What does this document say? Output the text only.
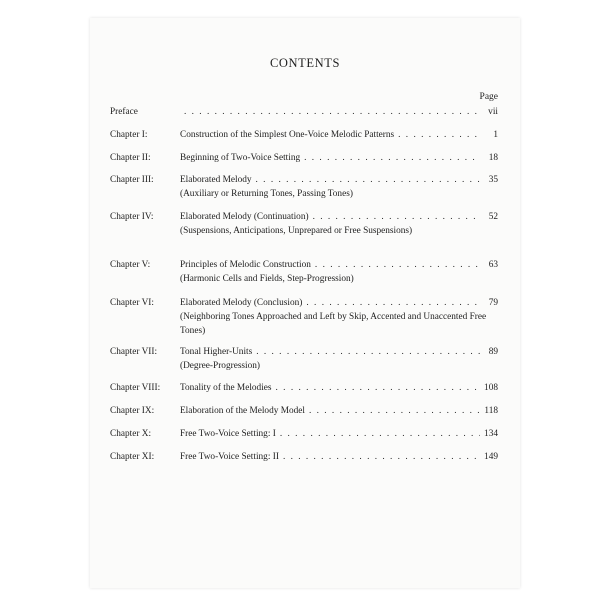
CONTENTS
Page
Preface . . .	vii
Chapter I:	Construction of the Simplest One-Voice Melodic Patterns . . .	1
Chapter II:	Beginning of Two-Voice Setting . . .	18
Chapter III:	Elaborated Melody . . .	35
(Auxiliary or Returning Tones, Passing Tones)
Chapter IV:	Elaborated Melody (Continuation) . . .	52
(Suspensions, Anticipations, Unprepared or Free Suspensions)
Chapter V:	Principles of Melodic Construction . . .	63
(Harmonic Cells and Fields, Step-Progression)
Chapter VI:	Elaborated Melody (Conclusion) . . .	79
(Neighboring Tones Approached and Left by Skip, Accented and Unaccented Free Tones)
Chapter VII:	Tonal Higher-Units . . .	89
(Degree-Progression)
Chapter VIII:	Tonality of the Melodies . . .	108
Chapter IX:	Elaboration of the Melody Model . . .	118
Chapter X:	Free Two-Voice Setting: I . . .	134
Chapter XI:	Free Two-Voice Setting: II . . .	149
